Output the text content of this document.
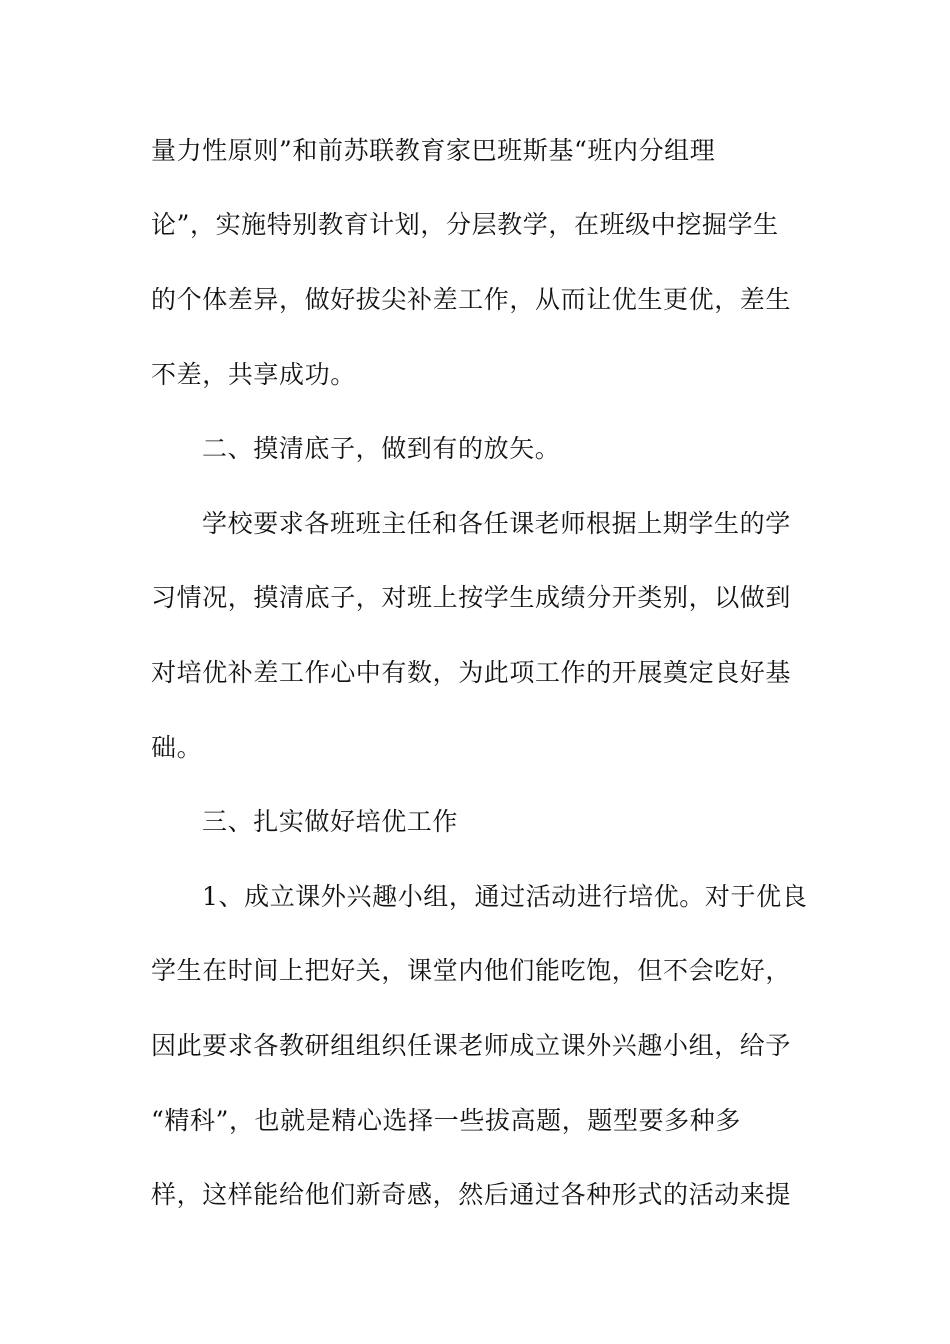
量力性原则”和前苏联教育家巴班斯基“班内分组理
论”，实施特别教育计划，分层教学，在班级中挖掘学生
的个体差异，做好拔尖补差工作，从而让优生更优，差生
不差，共享成功。
二、摸清底子，做到有的放矢。
学校要求各班班主任和各任课老师根据上期学生的学
习情况，摸清底子，对班上按学生成绩分开类别，以做到
对培优补差工作心中有数，为此项工作的开展奠定良好基
础。
三、扎实做好培优工作
1、成立课外兴趣小组，通过活动进行培优。对于优良
学生在时间上把好关，课堂内他们能吃饱，但不会吃好，
因此要求各教研组组织任课老师成立课外兴趣小组，给予
“精科”，也就是精心选择一些拔高题，题型要多种多
样，这样能给他们新奇感，然后通过各种形式的活动来提
